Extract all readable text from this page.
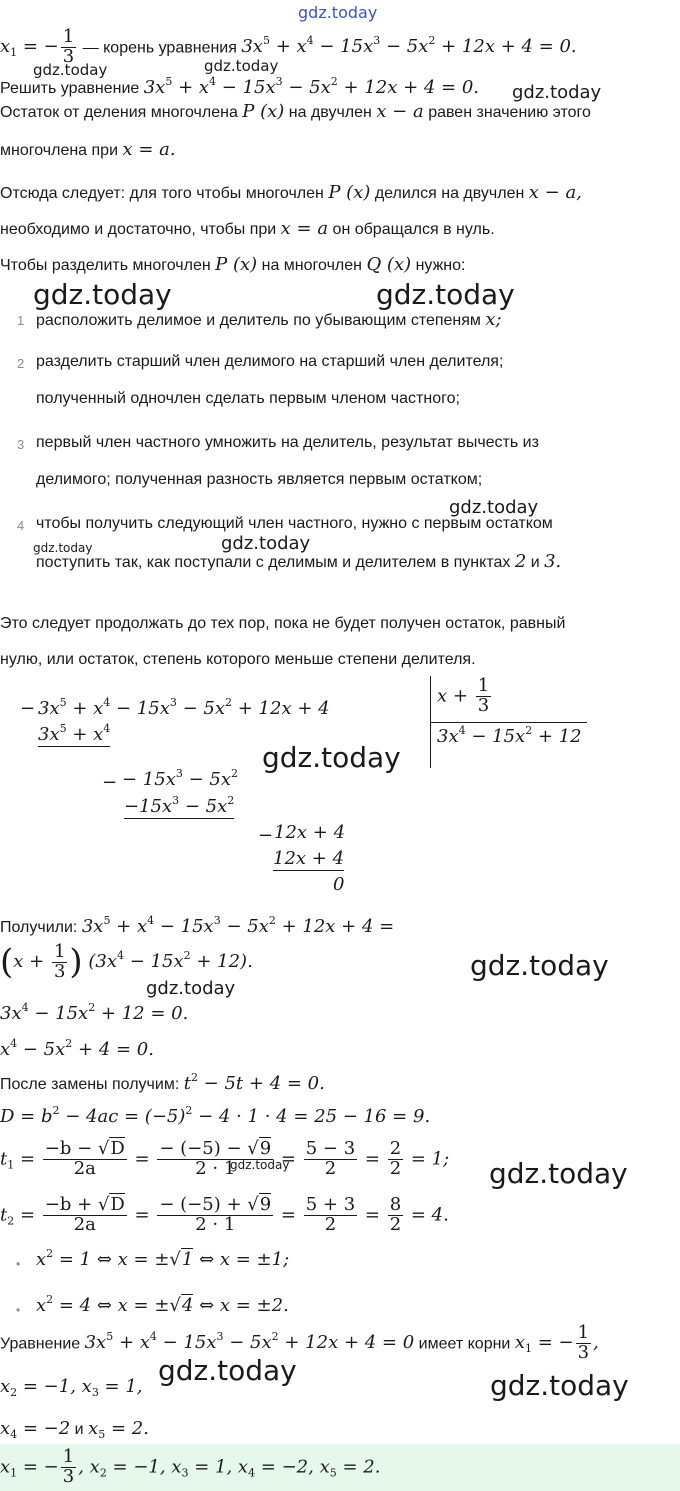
gdz.today
gdz.today	gdz.today
gdz.today
gdz.today	gdz.today
gdz.today
gdz.today	gdz.today
gdz.today
gdz.today
gdz.today
gdz.today	gdz.today
gdz.today	gdz.today
$x_1$ = − $\frac{1}{3}$ — корень уравнения $3x^5 + x^4 - 15x^3 - 5x^2 + 12x + 4 = 0$.
Решить уравнение $3x^5 + x^4 - 15x^3 - 5x^2 + 12x + 4 = 0$.
Остаток от деления многочлена P (x) на двучлен x − a равен значению этого
многочлена при x = a.
Отсюда следует: для того чтобы многочлен P (x) делился на двучлен x − a,
необходимо и достаточно, чтобы при x = a он обращался в нуль.
Чтобы разделить многочлен P (x) на многочлен Q (x) нужно:
1 расположить делимое и делитель по убывающим степеням x;
2 разделить старший член делимого на старший член делителя;
полученный одночлен сделать первым членом частного;
3 первый член частного умножить на делитель, результат вычесть из
делимого; полученная разность является первым остатком;
4 чтобы получить следующий член частного, нужно с первым остатком
поступить так, как поступали с делимым и делителем в пунктах 2 и 3.
Это следует продолжать до тех пор, пока не будет получен остаток, равный
нулю, или остаток, степень которого меньше степени делителя.
− $3x^5 + x^4 - 15x^3 - 5x^2 + 12x + 4$
$3x^5 + x^4$
$x + \frac{1}{3}$
$3x^4 - 15x^2 + 12$
− − $15x^3 - 5x^2$
$-15x^3 - 5x^2$
− 12x + 4
12x + 4
0
Получили: $3x^5 + x^4 - 15x^3 - 5x^2 + 12x + 4$ =
($x + \frac{1}{3}$ ) $(3x^4 - 15x^2 + 12)$.
$3x^4 - 15x^2 + 12 = 0$.
$x^4 - 5x^2 + 4 = 0$.
После замены получим: $t^2 - 5t + 4 = 0$.
$D = b^2 - 4ac = (-5)^2 - 4 \cdot 1 \cdot 4 = 25 - 16 = 9$.
$t_1 = \frac{-b - √D}{2a} = \frac{- (-5) - √9}{2 \cdot 1} = \frac{5 - 3}{2} = \frac{2}{2} = 1$;
$t_2 = \frac{-b + √D}{2a} = \frac{- (-5) + √9}{2 \cdot 1} = \frac{5 + 3}{2} = \frac{8}{2} = 4$.
• $x^2 = 1$ ⇔ x = ±√1 ⇔ x = ±1;
• $x^2 = 4$ ⇔ x = ±√4 ⇔ x = ±2.
Уравнение $3x^5 + x^4 - 15x^3 - 5x^2 + 12x + 4 = 0$ имеет корни $x_1$ = − $\frac{1}{3}$ ,
$x_2 = -1$, $x_3 = 1$,
$x_4 = -2$ и $x_5 = 2$.
$x_1$ = − $\frac{1}{3}$ , $x_2 = -1$, $x_3 = 1$, $x_4 = -2$, $x_5 = 2$.
